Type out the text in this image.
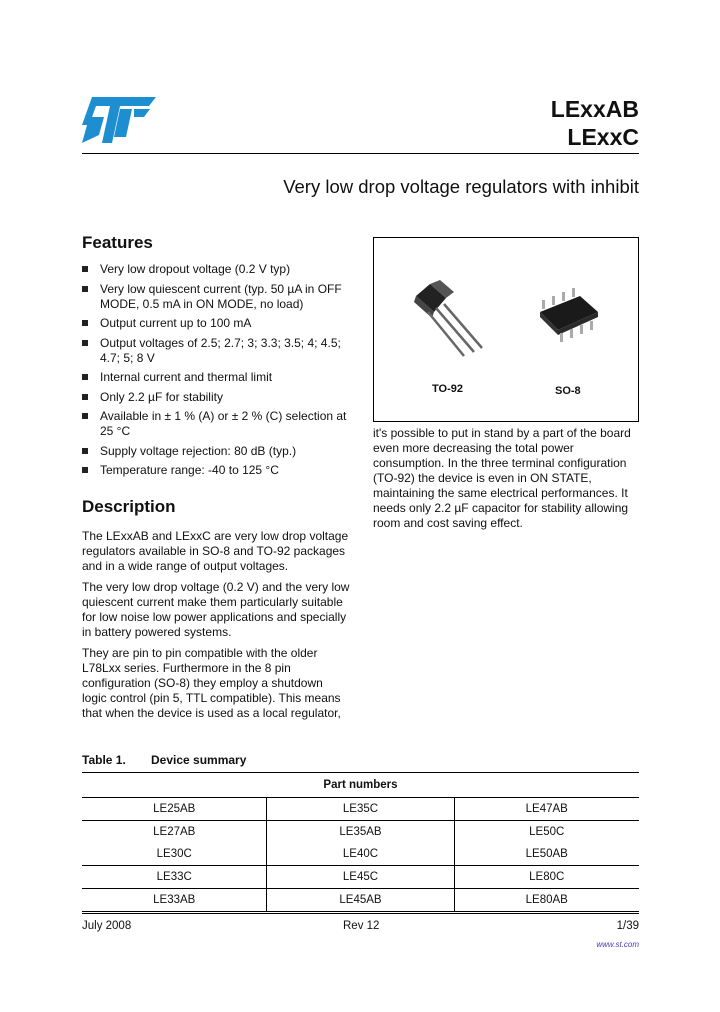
LExxAB
LExxC
Very low drop voltage regulators with inhibit
Features
Very low dropout voltage (0.2 V typ)
Very low quiescent current (typ. 50 µA in OFF MODE, 0.5 mA in ON MODE, no load)
Output current up to 100 mA
Output voltages of 2.5; 2.7; 3; 3.3; 3.5; 4; 4.5; 4.7; 5; 8 V
Internal current and thermal limit
Only 2.2 µF for stability
Available in ± 1 % (A) or ± 2 % (C) selection at 25 °C
Supply voltage rejection: 80 dB (typ.)
Temperature range: -40 to 125 °C
Description

The LExxAB and LExxC are very low drop voltage regulators available in SO-8 and TO-92 packages and in a wide range of output voltages.

The very low drop voltage (0.2 V) and the very low quiescent current make them particularly suitable for low noise low power applications and specially in battery powered systems.

They are pin to pin compatible with the older L78Lxx series. Furthermore in the 8 pin configuration (SO-8) they employ a shutdown logic control (pin 5, TTL compatible). This means that when the device is used as a local regulator,

TO-92	SO-8

it's possible to put in stand by a part of the board even more decreasing the total power consumption. In the three terminal configuration (TO-92) the device is even in ON STATE, maintaining the same electrical performances. It needs only 2.2 µF capacitor for stability allowing room and cost saving effect.

Table 1. Device summary
Part numbers		
LE25AB	LE35C	LE47AB
LE27AB	LE35AB	LE50C
LE30C	LE40C	LE50AB
LE33C	LE45C	LE80C
LE33AB	LE45AB	LE80AB
July 2008	Rev 12	1/39
www.st.com
